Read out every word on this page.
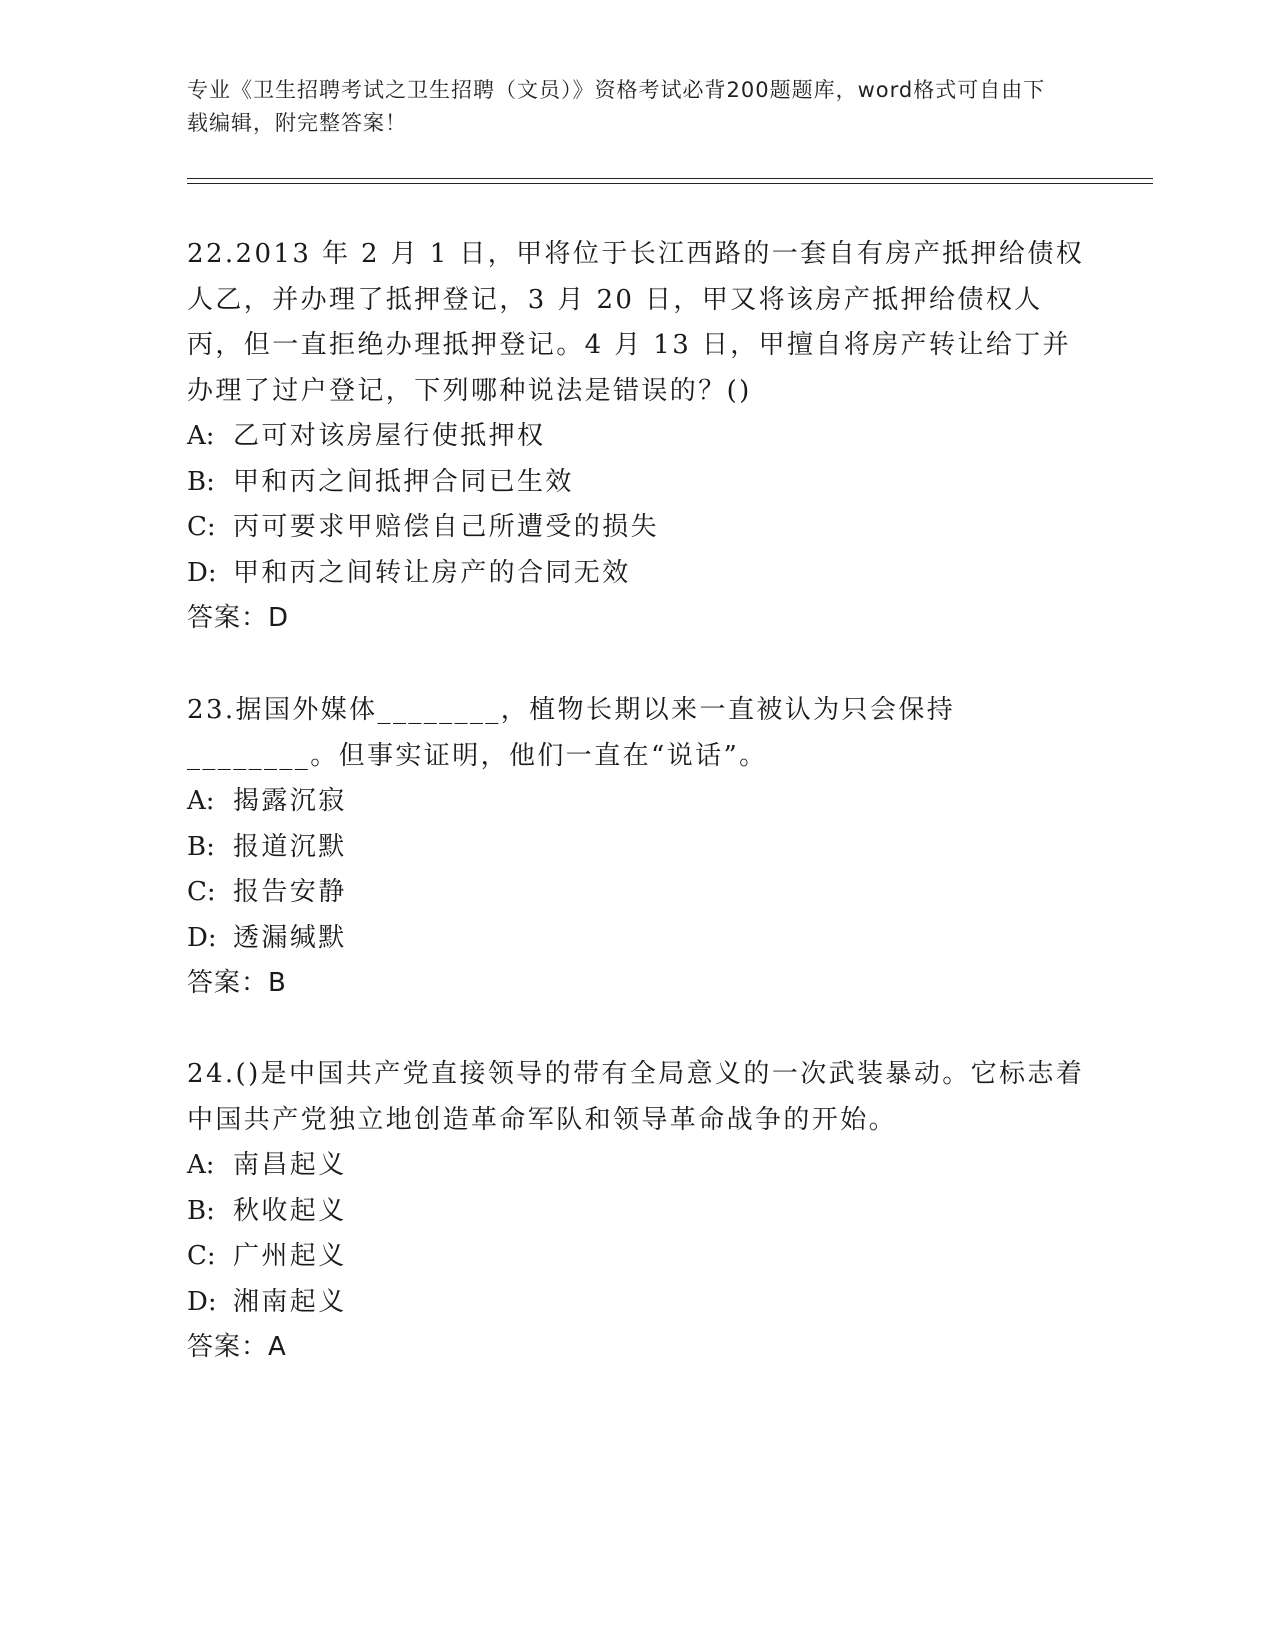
专业《卫生招聘考试之卫生招聘（文员）》资格考试必背200题题库，word格式可自由下载编辑，附完整答案！

22.2013 年 2 月 1 日，甲将位于长江西路的一套自有房产抵押给债权人乙，并办理了抵押登记，3 月 20 日，甲又将该房产抵押给债权人丙，但一直拒绝办理抵押登记。4 月 13 日，甲擅自将房产转让给丁并办理了过户登记，下列哪种说法是错误的？()

A: 乙可对该房屋行使抵押权

B: 甲和丙之间抵押合同已生效

C: 丙可要求甲赔偿自己所遭受的损失

D: 甲和丙之间转让房产的合同无效

答案：D

23.据国外媒体________，植物长期以来一直被认为只会保持________。但事实证明，他们一直在“说话”。

A: 揭露沉寂

B: 报道沉默

C: 报告安静

D: 透漏缄默

答案：B

24.()是中国共产党直接领导的带有全局意义的一次武装暴动。它标志着中国共产党独立地创造革命军队和领导革命战争的开始。

A: 南昌起义

B: 秋收起义

C: 广州起义

D: 湘南起义

答案：A
